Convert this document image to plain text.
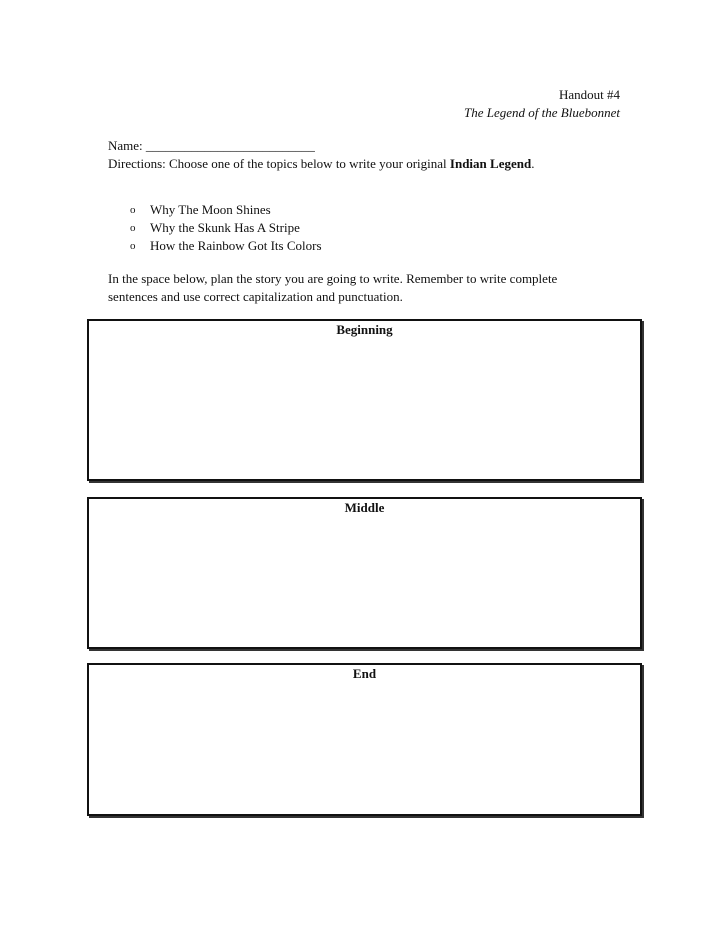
Handout #4
The Legend of the Bluebonnet
Name: __________________________
Directions: Choose one of the topics below to write your original Indian Legend.
o	Why The Moon Shines
o	Why the Skunk Has A Stripe
o	How the Rainbow Got Its Colors
In the space below, plan the story you are going to write. Remember to write complete
sentences and use correct capitalization and punctuation.
Beginning
Middle
End
